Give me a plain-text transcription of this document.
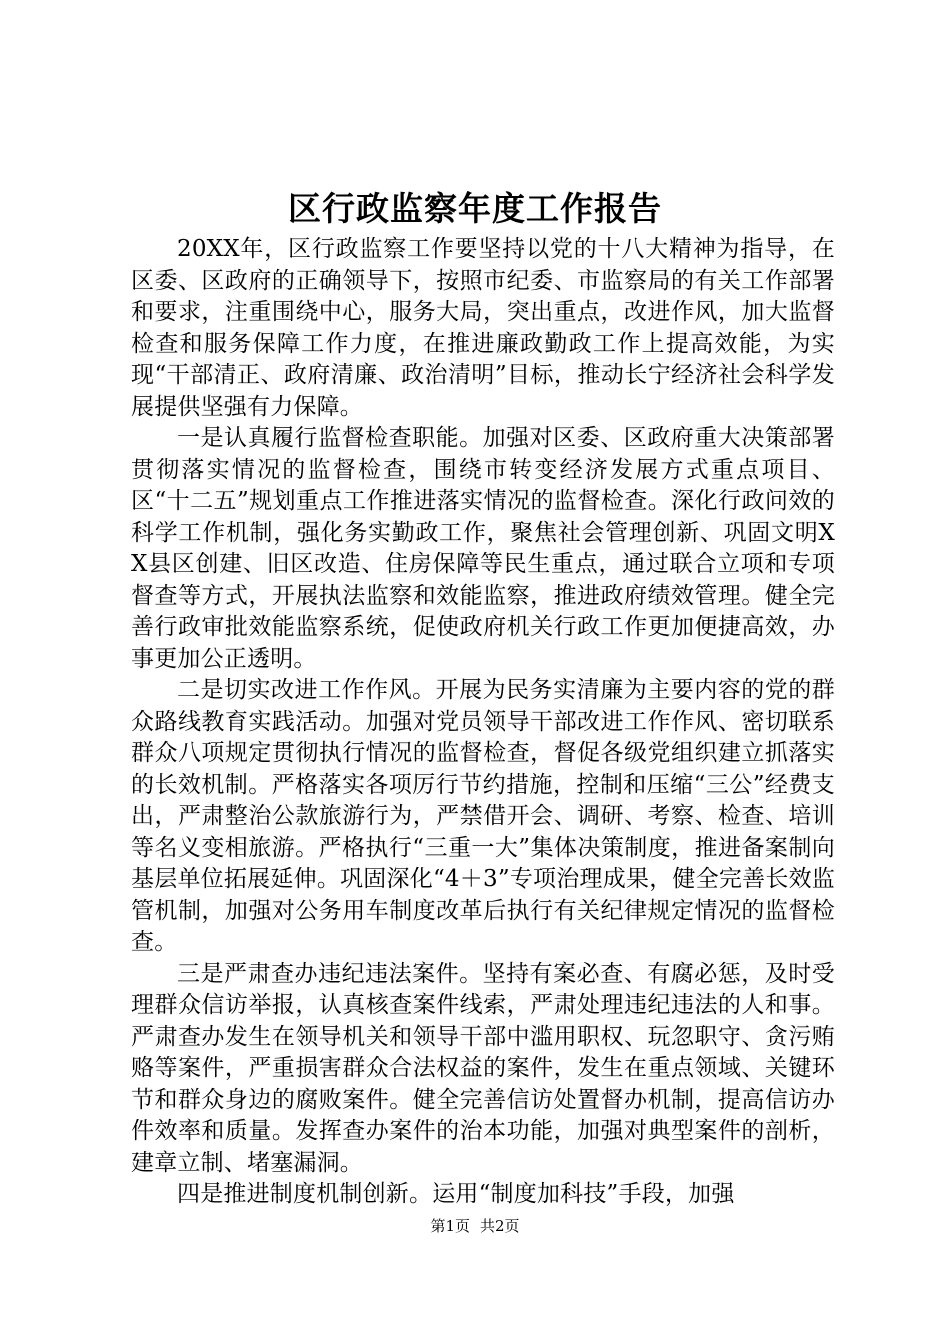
区行政监察年度工作报告

20XX年，区行政监察工作要坚持以党的十八大精神为指导，在区委、区政府的正确领导下，按照市纪委、市监察局的有关工作部署和要求，注重围绕中心，服务大局，突出重点，改进作风，加大监督检查和服务保障工作力度，在推进廉政勤政工作上提高效能，为实现“干部清正、政府清廉、政治清明”目标，推动长宁经济社会科学发展提供坚强有力保障。

一是认真履行监督检查职能。加强对区委、区政府重大决策部署贯彻落实情况的监督检查，围绕市转变经济发展方式重点项目、区“十二五”规划重点工作推进落实情况的监督检查。深化行政问效的科学工作机制，强化务实勤政工作，聚焦社会管理创新、巩固文明XX县区创建、旧区改造、住房保障等民生重点，通过联合立项和专项督查等方式，开展执法监察和效能监察，推进政府绩效管理。健全完善行政审批效能监察系统，促使政府机关行政工作更加便捷高效，办事更加公正透明。

二是切实改进工作作风。开展为民务实清廉为主要内容的党的群众路线教育实践活动。加强对党员领导干部改进工作作风、密切联系群众八项规定贯彻执行情况的监督检查，督促各级党组织建立抓落实的长效机制。严格落实各项厉行节约措施，控制和压缩“三公”经费支出，严肃整治公款旅游行为，严禁借开会、调研、考察、检查、培训等名义变相旅游。严格执行“三重一大”集体决策制度，推进备案制向基层单位拓展延伸。巩固深化“4＋3”专项治理成果，健全完善长效监管机制，加强对公务用车制度改革后执行有关纪律规定情况的监督检查。

三是严肃查办违纪违法案件。坚持有案必查、有腐必惩，及时受理群众信访举报，认真核查案件线索，严肃处理违纪违法的人和事。严肃查办发生在领导机关和领导干部中滥用职权、玩忽职守、贪污贿赂等案件，严重损害群众合法权益的案件，发生在重点领域、关键环节和群众身边的腐败案件。健全完善信访处置督办机制，提高信访办件效率和质量。发挥查办案件的治本功能，加强对典型案件的剖析，建章立制、堵塞漏洞。

四是推进制度机制创新。运用“制度加科技”手段，加强

第1页 共2页
